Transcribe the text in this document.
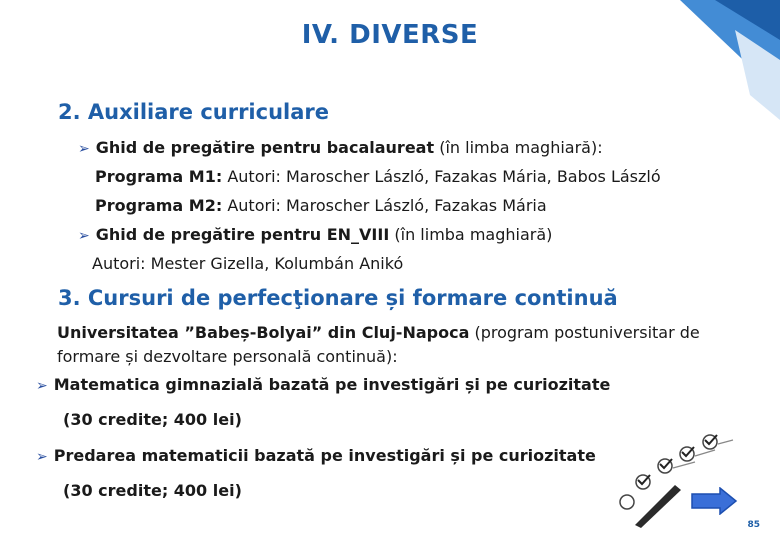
IV. DIVERSE
2. Auxiliare curriculare
➢ Ghid de pregătire pentru bacalaureat (în limba maghiară):
Programa M1: Autori: Maroscher László, Fazakas Mária, Babos László
Programa M2: Autori: Maroscher László, Fazakas Mária
➢ Ghid de pregătire pentru EN_VIII (în limba maghiară)
Autori: Mester Gizella, Kolumbán Anikó
3. Cursuri de perfecţionare și formare continuă
Universitatea ”Babeș-Bolyai” din Cluj-Napoca (program postuniversitar de
formare și dezvoltare personală continuă):
➢ Matematica gimnazială bazată pe investigări și pe curiozitate
(30 credite; 400 lei)
➢ Predarea matematicii bazată pe investigări și pe curiozitate
(30 credite; 400 lei)
85
